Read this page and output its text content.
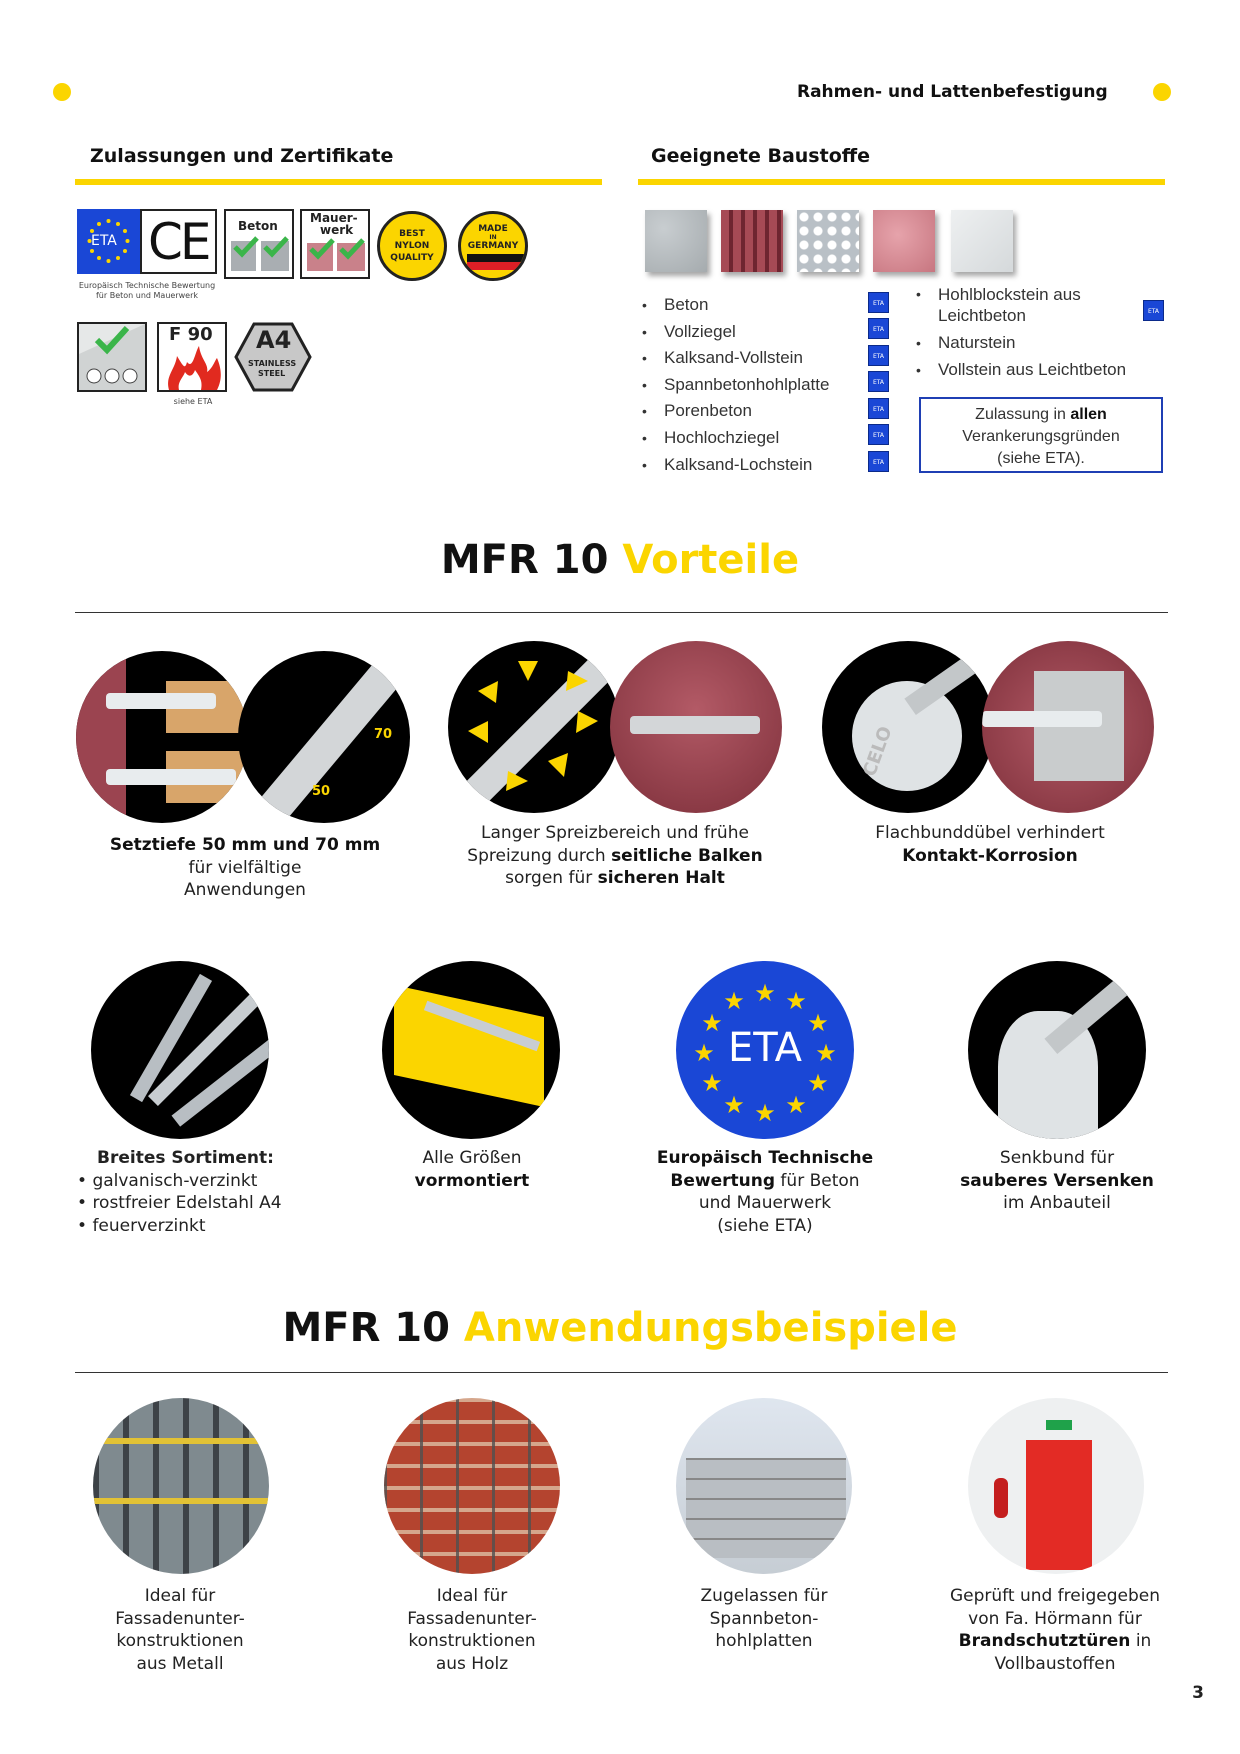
Rahmen- und Lattenbefestigung
Zulassungen und Zertifikate	Geeignete Baustoffe
ETA CE
Europäisch Technische Bewertung
für Beton und Mauerwerk
Beton
Mauer-
werk	BEST
NYLON
QUALITY
MADE
IN
GERMANY
F 90
siehe ETA
A4
STAINLESS
STEEL
• Beton
• Vollziegel
• Kalksand-Vollstein
• Spannbetonhohlplatte
• Porenbeton
• Hochlochziegel
• Kalksand-Lochstein
ETA
ETA
ETA
ETA
ETA
ETA
ETA
• Hohlblockstein aus Leichtbeton
• Naturstein
• Vollstein aus Leichtbeton
ETA
Zulassung in allen
Verankerungsgründen
(siehe ETA).
MFR 10 Vorteile
70
50
CELO
Setztiefe 50 mm und 70 mm
für vielfältige
Anwendungen
Langer Spreizbereich und frühe
Spreizung durch seitliche Balken
sorgen für sicheren Halt
Flachbunddübel verhindert
Kontakt-Korrosion
★ ★
★
★
★
★
★
★
★
★
★
★
ETA
Breites Sortiment:
• galvanisch-verzinkt
• rostfreier Edelstahl A4
• feuerverzinkt
Alle Größen
vormontiert
Europäisch Technische
Bewertung für Beton
und Mauerwerk
(siehe ETA)
Senkbund für
sauberes Versenken
im Anbauteil
MFR 10 Anwendungsbeispiele
Ideal für
Fassadenunter-
konstruktionen
aus Metall
Ideal für
Fassadenunter-
konstruktionen
aus Holz
Zugelassen für
Spannbeton-
hohlplatten
Geprüft und freigegeben
von Fa. Hörmann für
Brandschutztüren in
Vollbaustoffen
3
